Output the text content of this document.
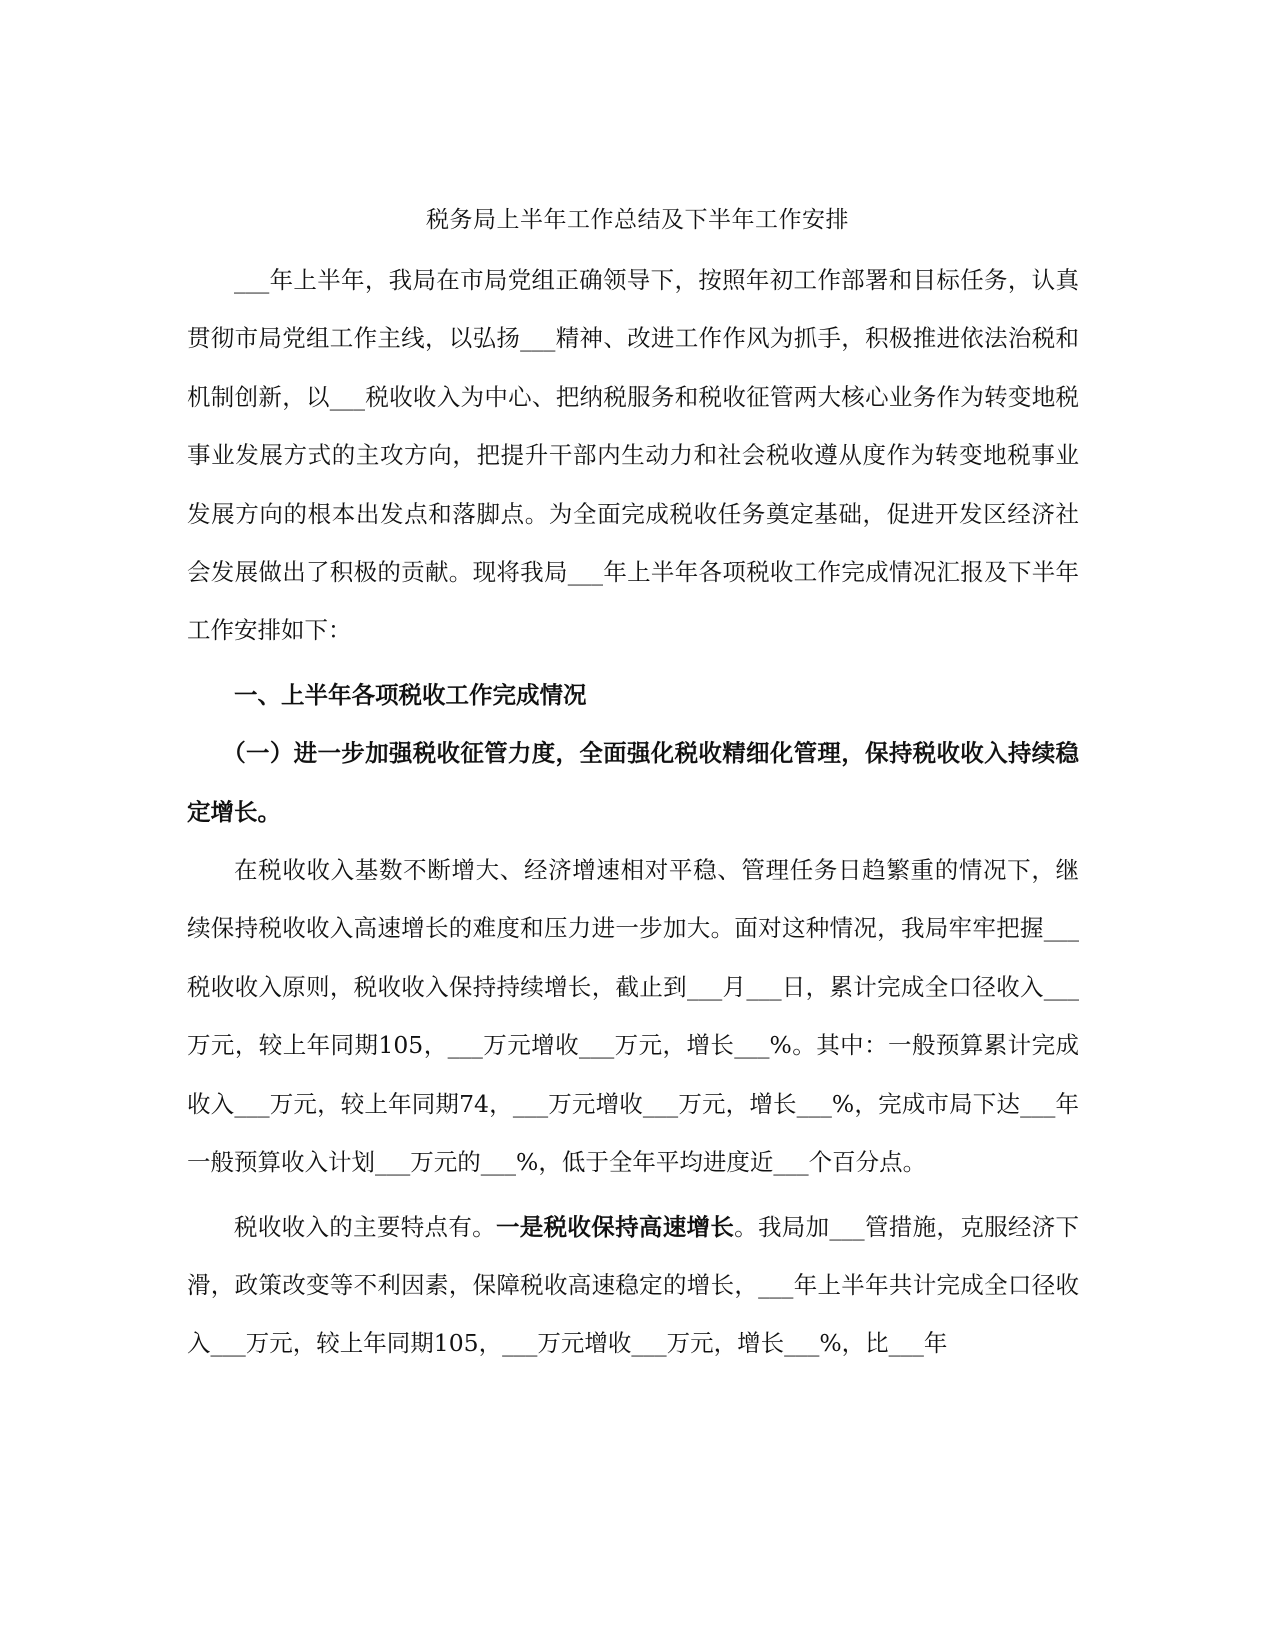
税务局上半年工作总结及下半年工作安排

___年上半年，我局在市局党组正确领导下，按照年初工作部署和目标任务，认真贯彻市局党组工作主线，以弘扬___精神、改进工作作风为抓手，积极推进依法治税和机制创新，以___税收收入为中心、把纳税服务和税收征管两大核心业务作为转变地税事业发展方式的主攻方向，把提升干部内生动力和社会税收遵从度作为转变地税事业发展方向的根本出发点和落脚点。为全面完成税收任务奠定基础，促进开发区经济社会发展做出了积极的贡献。现将我局___年上半年各项税收工作完成情况汇报及下半年工作安排如下：

一、上半年各项税收工作完成情况

（一）进一步加强税收征管力度，全面强化税收精细化管理，保持税收收入持续稳定增长。

在税收收入基数不断增大、经济增速相对平稳、管理任务日趋繁重的情况下，继续保持税收收入高速增长的难度和压力进一步加大。面对这种情况，我局牢牢把握___税收收入原则，税收收入保持持续增长，截止到___月___日，累计完成全口径收入___万元，较上年同期105，___万元增收___万元，增长___%。其中：一般预算累计完成收入___万元，较上年同期74，___万元增收___万元，增长___%，完成市局下达___年一般预算收入计划___万元的___%，低于全年平均进度近___个百分点。

税收收入的主要特点有。一是税收保持高速增长。我局加___管措施，克服经济下滑，政策改变等不利因素，保障税收高速稳定的增长，___年上半年共计完成全口径收入___万元，较上年同期105，___万元增收___万元，增长___%，比___年
